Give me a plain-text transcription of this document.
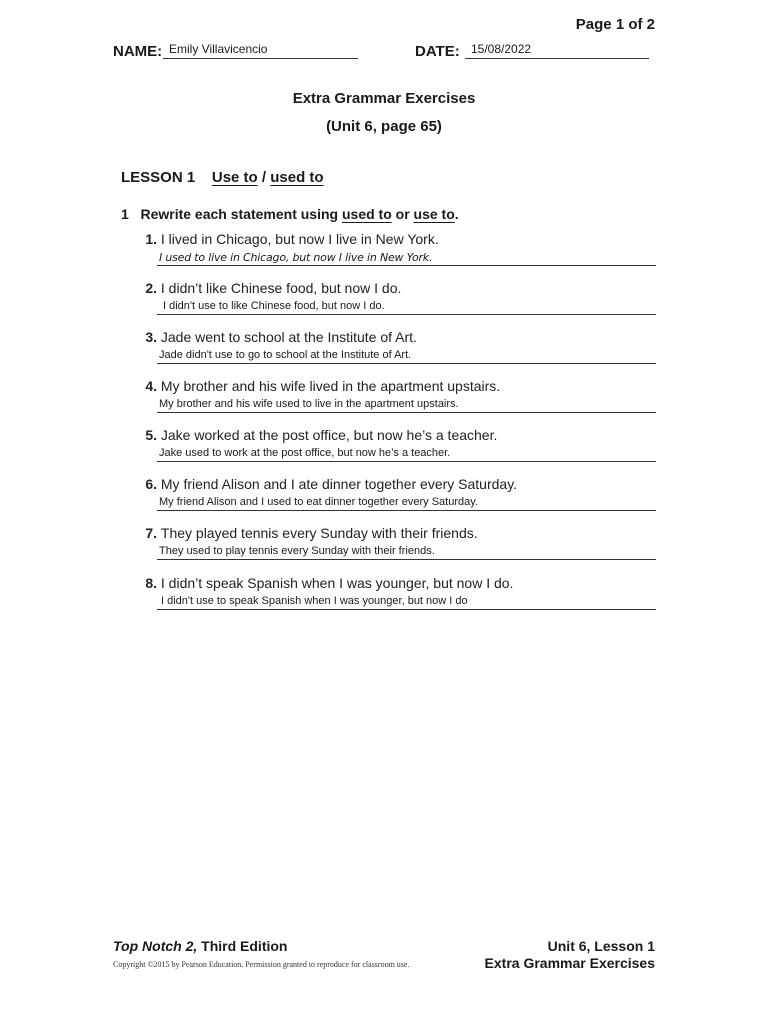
Page 1 of 2
NAME: Emily Villavicencio	DATE: 15/08/2022
Extra Grammar Exercises
(Unit 6, page 65)
LESSON 1 Use to / used to
1 Rewrite each statement using used to or use to.
1. I lived in Chicago, but now I live in New York.
I used to live in Chicago, but now I live in New York.
2. I didn’t like Chinese food, but now I do.
I didn't use to like Chinese food, but now I do.
3. Jade went to school at the Institute of Art.
Jade didn't use to go to school at the Institute of Art.
4. My brother and his wife lived in the apartment upstairs.
My brother and his wife used to live in the apartment upstairs.
5. Jake worked at the post office, but now he’s a teacher.
Jake used to work at the post office, but now he’s a teacher.
6. My friend Alison and I ate dinner together every Saturday.
My friend Alison and I used to eat dinner together every Saturday.
7. They played tennis every Sunday with their friends.
They used to play tennis every Sunday with their friends.
8. I didn’t speak Spanish when I was younger, but now I do.
I didn't use to speak Spanish when I was younger, but now I do
Top Notch 2, Third Edition
Copyright ©2015 by Pearson Education. Permission granted to reproduce for classroom use.
Unit 6, Lesson 1
Extra Grammar Exercises
